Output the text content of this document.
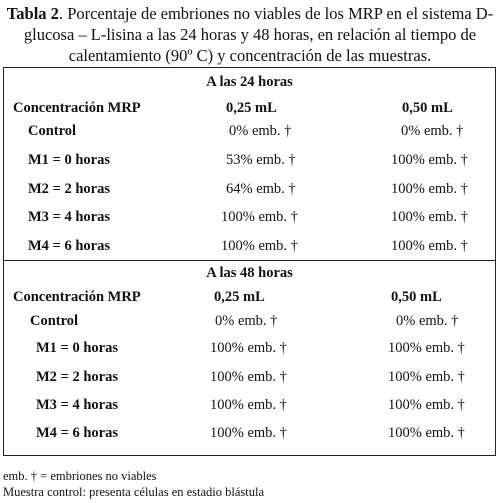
Tabla 2. Porcentaje de embriones no viables de los MRP en el sistema D-glucosa – L-lisina a las 24 horas y 48 horas, en relación al tiempo de calentamiento (90º C) y concentración de las muestras.
A las 24 horas
Concentración MRP	0,25 mL	0,50 mL
Control	0% emb. †	0% emb. †
M1 = 0 horas	53% emb. †	100% emb. †
M2 = 2 horas	64% emb. †	100% emb. †
M3 = 4 horas	100% emb. †	100% emb. †
M4 = 6 horas	100% emb. †	100% emb. †
A las 48 horas
Concentración MRP	0,25 mL	0,50 mL
Control	0% emb. †	0% emb. †
M1 = 0 horas	100% emb. †	100% emb. †
M2 = 2 horas	100% emb. †	100% emb. †
M3 = 4 horas	100% emb. †	100% emb. †
M4 = 6 horas	100% emb. †	100% emb. †
emb. † = embriones no viables
Muestra control: presenta células en estadio blástula
